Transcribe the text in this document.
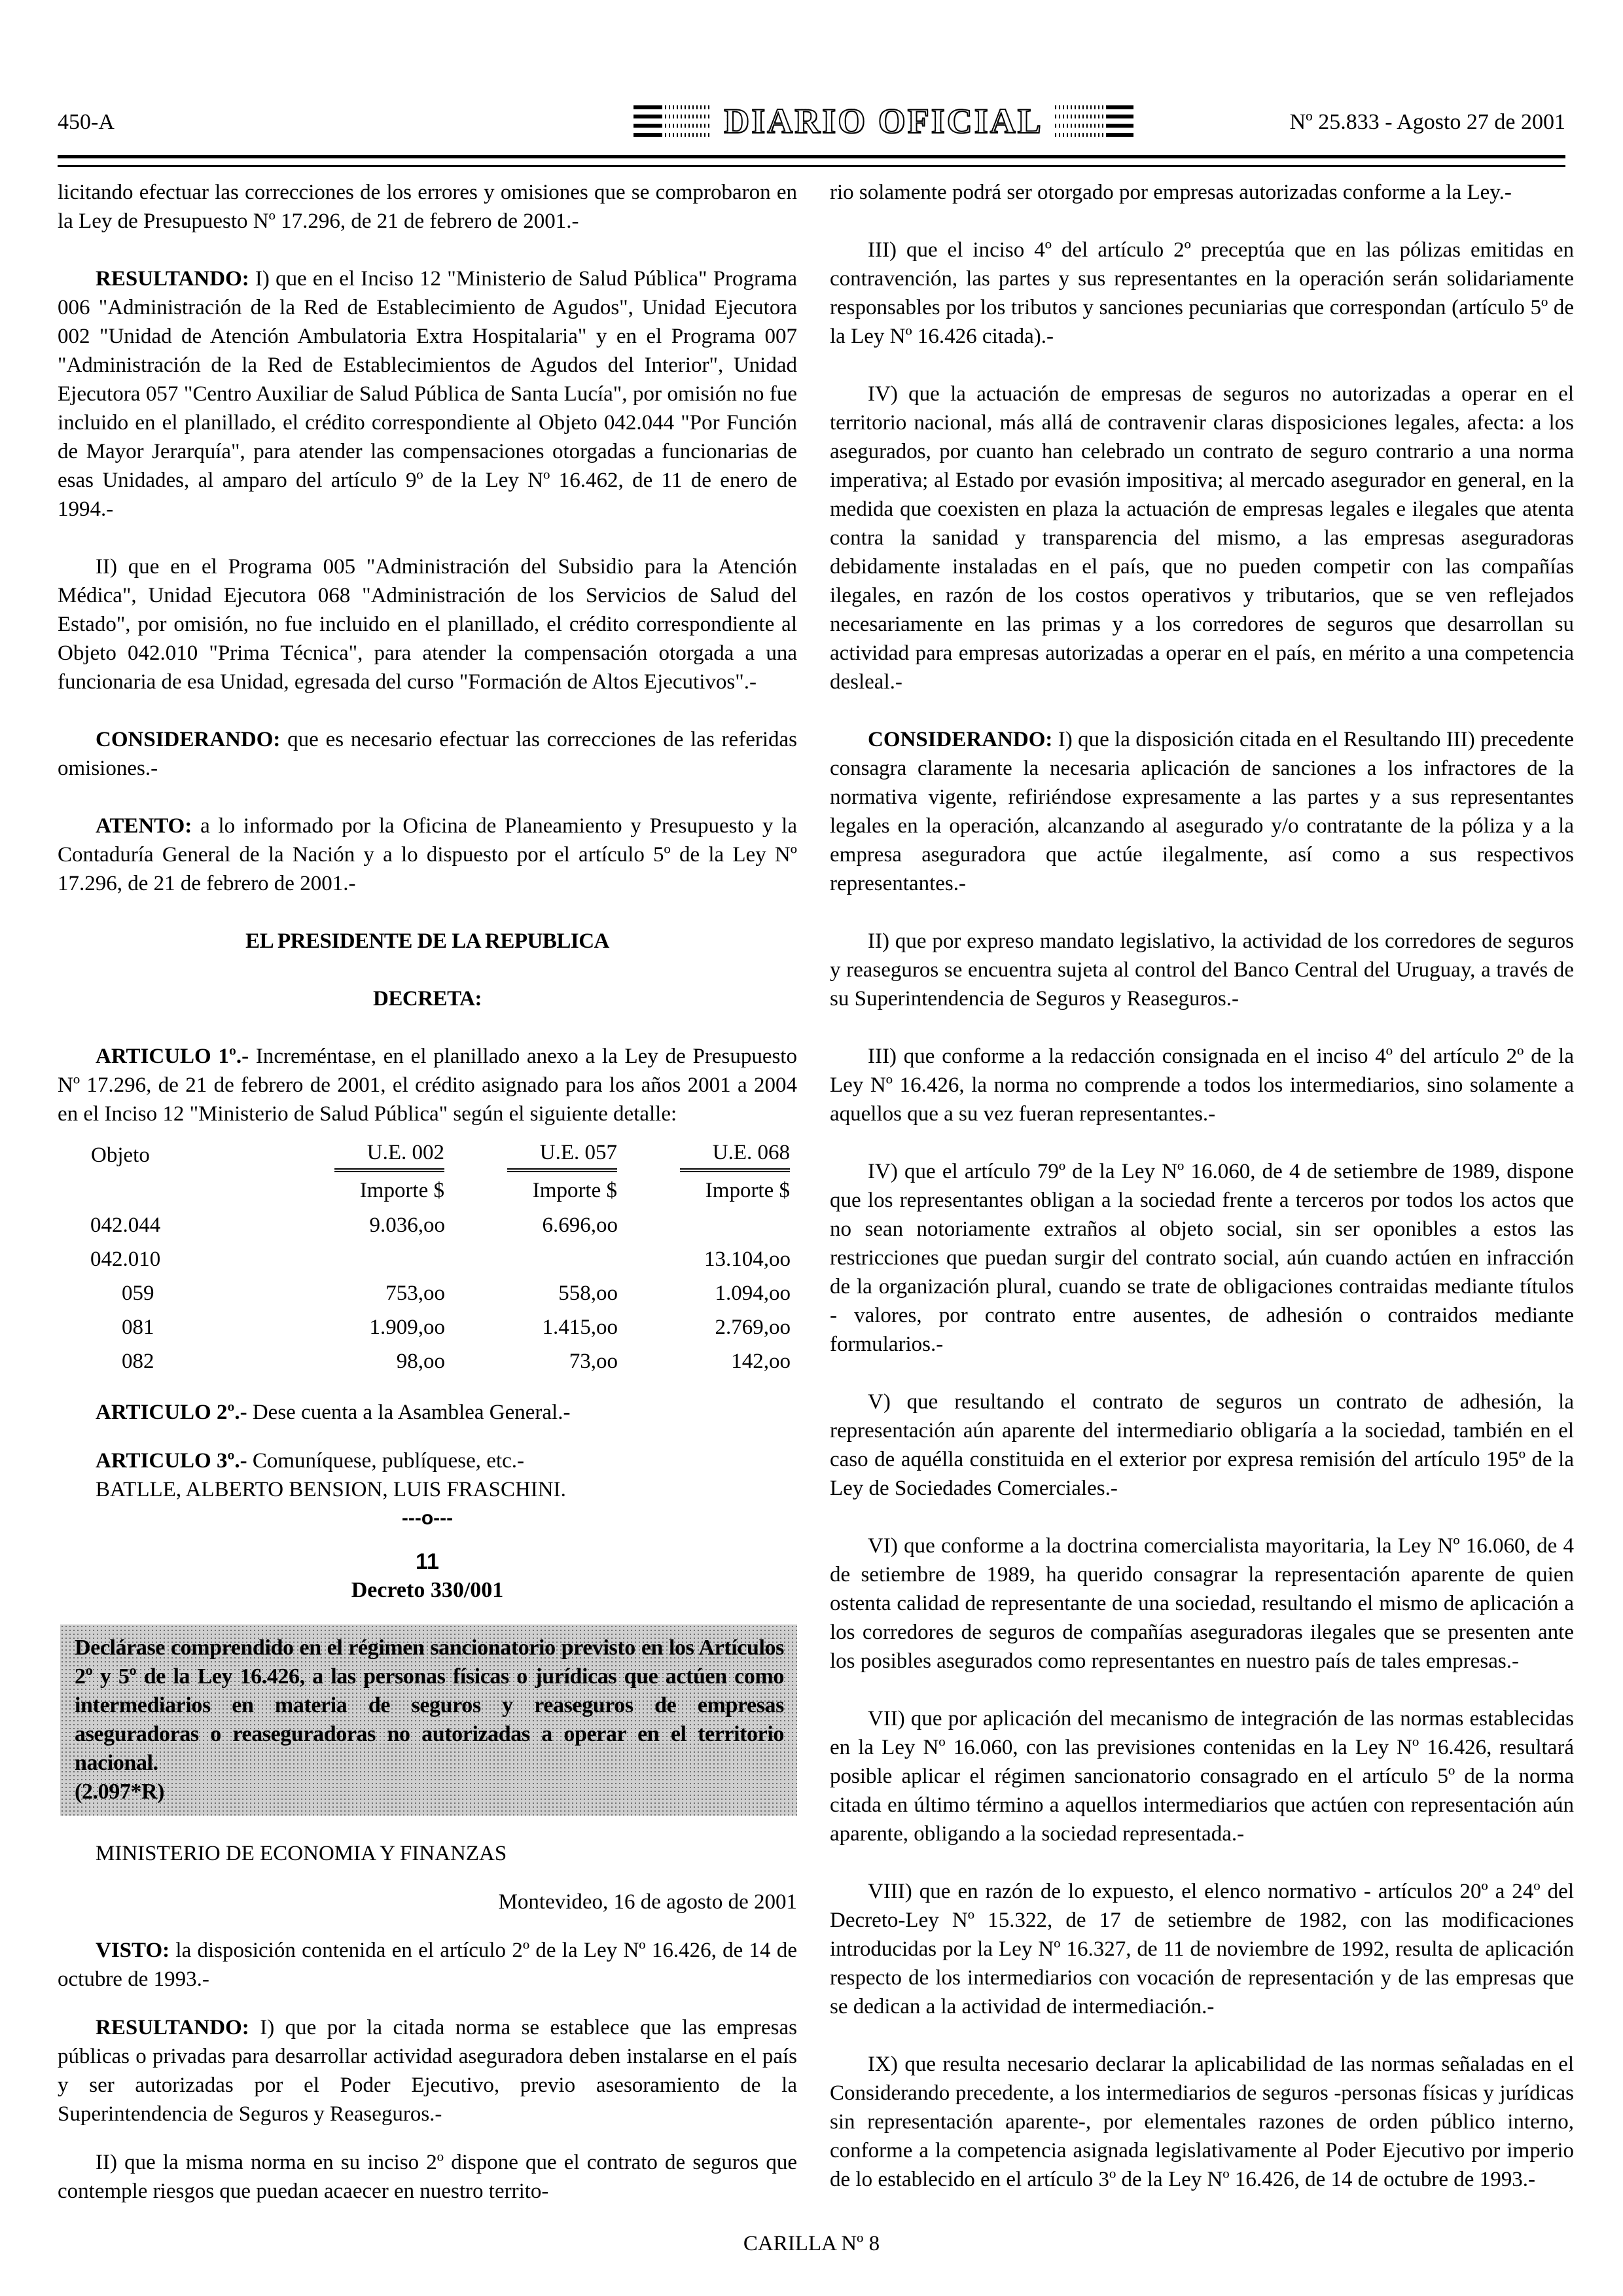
450-A	DIARIO OFICIAL	Nº 25.833 - Agosto 27 de 2001

licitando efectuar las correcciones de los errores y omisiones que se comprobaron en la Ley de Presupuesto Nº 17.296, de 21 de febrero de 2001.-

RESULTANDO: I) que en el Inciso 12 "Ministerio de Salud Pública" Programa 006 "Administración de la Red de Establecimiento de Agudos", Unidad Ejecutora 002 "Unidad de Atención Ambulatoria Extra Hospitalaria" y en el Programa 007 "Administración de la Red de Establecimientos de Agudos del Interior", Unidad Ejecutora 057 "Centro Auxiliar de Salud Pública de Santa Lucía", por omisión no fue incluido en el planillado, el crédito correspondiente al Objeto 042.044 "Por Función de Mayor Jerarquía", para atender las compensaciones otorgadas a funcionarias de esas Unidades, al amparo del artículo 9º de la Ley Nº 16.462, de 11 de enero de 1994.-

II) que en el Programa 005 "Administración del Subsidio para la Atención Médica", Unidad Ejecutora 068 "Administración de los Servicios de Salud del Estado", por omisión, no fue incluido en el planillado, el crédito correspondiente al Objeto 042.010 "Prima Técnica", para atender la compensación otorgada a una funcionaria de esa Unidad, egresada del curso "Formación de Altos Ejecutivos".-

CONSIDERANDO: que es necesario efectuar las correcciones de las referidas omisiones.-

ATENTO: a lo informado por la Oficina de Planeamiento y Presupuesto y la Contaduría General de la Nación y a lo dispuesto por el artículo 5º de la Ley Nº 17.296, de 21 de febrero de 2001.-

EL PRESIDENTE DE LA REPUBLICA
DECRETA:

ARTICULO 1º.- Increméntase, en el planillado anexo a la Ley de Presupuesto Nº 17.296, de 21 de febrero de 2001, el crédito asignado para los años 2001 a 2004 en el Inciso 12 "Ministerio de Salud Pública" según el siguiente detalle:

Objeto	U.E. 002	U.E. 057	U.E. 068
	Importe $	Importe $	Importe $
042.044	9.036,oo	6.696,oo	
042.010			13.104,oo
059	753,oo	558,oo	1.094,oo
081	1.909,oo	1.415,oo	2.769,oo
082	98,oo	73,oo	142,oo

ARTICULO 2º.- Dese cuenta a la Asamblea General.-

ARTICULO 3º.- Comuníquese, publíquese, etc.-

BATLLE, ALBERTO BENSION, LUIS FRASCHINI.

---o---
11
Decreto 330/001
Declárase comprendido en el régimen sancionatorio previsto en los Artículos 2º y 5º de la Ley 16.426, a las personas físicas o jurídicas que actúen como intermediarios en materia de seguros y reaseguros de empresas aseguradoras o reaseguradoras no autorizadas a operar en el territorio nacional.
(2.097*R)

MINISTERIO DE ECONOMIA Y FINANZAS

Montevideo, 16 de agosto de 2001

VISTO: la disposición contenida en el artículo 2º de la Ley Nº 16.426, de 14 de octubre de 1993.-

RESULTANDO: I) que por la citada norma se establece que las empresas públicas o privadas para desarrollar actividad aseguradora deben instalarse en el país y ser autorizadas por el Poder Ejecutivo, previo asesoramiento de la Superintendencia de Seguros y Reaseguros.-

II) que la misma norma en su inciso 2º dispone que el contrato de seguros que contemple riesgos que puedan acaecer en nuestro territo-

rio solamente podrá ser otorgado por empresas autorizadas conforme a la Ley.-

III) que el inciso 4º del artículo 2º preceptúa que en las pólizas emitidas en contravención, las partes y sus representantes en la operación serán solidariamente responsables por los tributos y sanciones pecuniarias que correspondan (artículo 5º de la Ley Nº 16.426 citada).-

IV) que la actuación de empresas de seguros no autorizadas a operar en el territorio nacional, más allá de contravenir claras disposiciones legales, afecta: a los asegurados, por cuanto han celebrado un contrato de seguro contrario a una norma imperativa; al Estado por evasión impositiva; al mercado asegurador en general, en la medida que coexisten en plaza la actuación de empresas legales e ilegales que atenta contra la sanidad y transparencia del mismo, a las empresas aseguradoras debidamente instaladas en el país, que no pueden competir con las compañías ilegales, en razón de los costos operativos y tributarios, que se ven reflejados necesariamente en las primas y a los corredores de seguros que desarrollan su actividad para empresas autorizadas a operar en el país, en mérito a una competencia desleal.-

CONSIDERANDO: I) que la disposición citada en el Resultando III) precedente consagra claramente la necesaria aplicación de sanciones a los infractores de la normativa vigente, refiriéndose expresamente a las partes y a sus representantes legales en la operación, alcanzando al asegurado y/o contratante de la póliza y a la empresa aseguradora que actúe ilegalmente, así como a sus respectivos representantes.-

II) que por expreso mandato legislativo, la actividad de los corredores de seguros y reaseguros se encuentra sujeta al control del Banco Central del Uruguay, a través de su Superintendencia de Seguros y Reaseguros.-

III) que conforme a la redacción consignada en el inciso 4º del artículo 2º de la Ley Nº 16.426, la norma no comprende a todos los intermediarios, sino solamente a aquellos que a su vez fueran representantes.-

IV) que el artículo 79º de la Ley Nº 16.060, de 4 de setiembre de 1989, dispone que los representantes obligan a la sociedad frente a terceros por todos los actos que no sean notoriamente extraños al objeto social, sin ser oponibles a estos las restricciones que puedan surgir del contrato social, aún cuando actúen en infracción de la organización plural, cuando se trate de obligaciones contraidas mediante títulos - valores, por contrato entre ausentes, de adhesión o contraidos mediante formularios.-

V) que resultando el contrato de seguros un contrato de adhesión, la representación aún aparente del intermediario obligaría a la sociedad, también en el caso de aquélla constituida en el exterior por expresa remisión del artículo 195º de la Ley de Sociedades Comerciales.-

VI) que conforme a la doctrina comercialista mayoritaria, la Ley Nº 16.060, de 4 de setiembre de 1989, ha querido consagrar la representación aparente de quien ostenta calidad de representante de una sociedad, resultando el mismo de aplicación a los corredores de seguros de compañías aseguradoras ilegales que se presenten ante los posibles asegurados como representantes en nuestro país de tales empresas.-

VII) que por aplicación del mecanismo de integración de las normas establecidas en la Ley Nº 16.060, con las previsiones contenidas en la Ley Nº 16.426, resultará posible aplicar el régimen sancionatorio consagrado en el artículo 5º de la norma citada en último término a aquellos intermediarios que actúen con representación aún aparente, obligando a la sociedad representada.-

VIII) que en razón de lo expuesto, el elenco normativo - artículos 20º a 24º del Decreto-Ley Nº 15.322, de 17 de setiembre de 1982, con las modificaciones introducidas por la Ley Nº 16.327, de 11 de noviembre de 1992, resulta de aplicación respecto de los intermediarios con vocación de representación y de las empresas que se dedican a la actividad de intermediación.-

IX) que resulta necesario declarar la aplicabilidad de las normas señaladas en el Considerando precedente, a los intermediarios de seguros -personas físicas y jurídicas sin representación aparente-, por elementales razones de orden público interno, conforme a la competencia asignada legislativamente al Poder Ejecutivo por imperio de lo establecido en el artículo 3º de la Ley Nº 16.426, de 14 de octubre de 1993.-

CARILLA Nº 8
